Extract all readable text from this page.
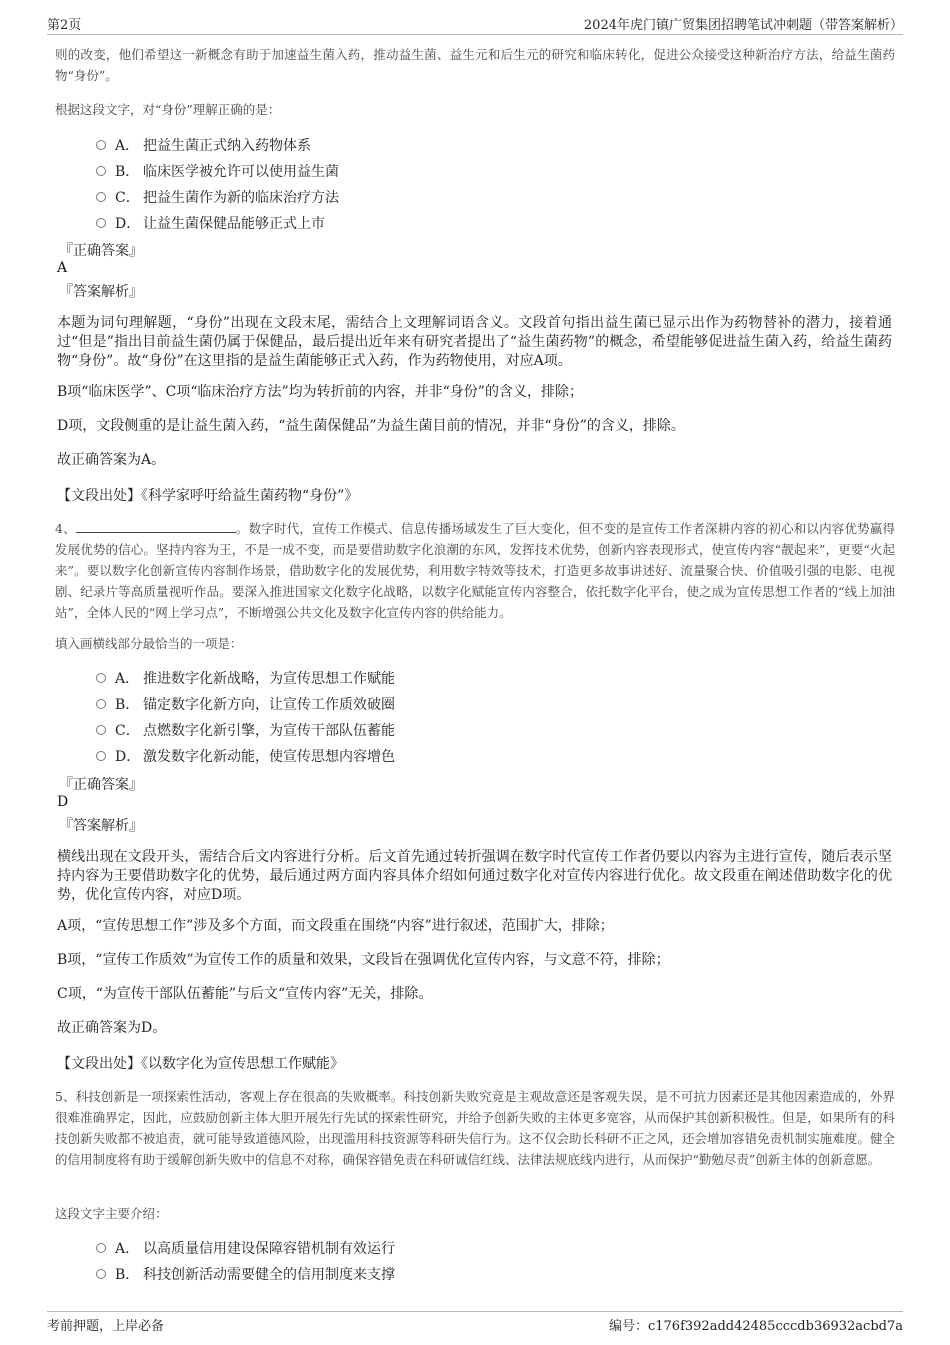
第2页	2024年虎门镇广贸集团招聘笔试冲刺题（带答案解析）
则的改变，他们希望这一新概念有助于加速益生菌入药，推动益生菌、益生元和后生元的研究和临床转化，促进公众接受这种新治疗方法，给益生菌药物“身份”。
根据这段文字，对“身份”理解正确的是：
A． 把益生菌正式纳入药物体系
B． 临床医学被允许可以使用益生菌
C． 把益生菌作为新的临床治疗方法
D． 让益生菌保健品能够正式上市
『正确答案』
A
『答案解析』
本题为词句理解题，“身份”出现在文段末尾，需结合上文理解词语含义。文段首句指出益生菌已显示出作为药物替补的潜力，接着通过“但是”指出目前益生菌仍属于保健品，最后提出近年来有研究者提出了“益生菌药物”的概念，希望能够促进益生菌入药，给益生菌药物“身份”。故“身份”在这里指的是益生菌能够正式入药，作为药物使用，对应A项。
B项“临床医学”、C项“临床治疗方法”均为转折前的内容，并非“身份”的含义，排除；
D项，文段侧重的是让益生菌入药，“益生菌保健品”为益生菌目前的情况，并非“身份”的含义，排除。
故正确答案为A。
【文段出处】《科学家呼吁给益生菌药物“身份”》
4、	。数字时代，宣传工作模式、信息传播场域发生了巨大变化，但不变的是宣传工作者深耕内容的初心和以内容优势赢得发展优势的信心。坚持内容为王，不是一成不变，而是要借助数字化浪潮的东风，发挥技术优势，创新内容表现形式，使宣传内容“靓起来”，更要“火起来”。要以数字化创新宣传内容制作场景，借助数字化的发展优势，利用数字特效等技术，打造更多故事讲述好、流量聚合快、价值吸引强的电影、电视剧、纪录片等高质量视听作品。要深入推进国家文化数字化战略，以数字化赋能宣传内容整合，依托数字化平台，使之成为宣传思想工作者的“线上加油站”，全体人民的“网上学习点”，不断增强公共文化及数字化宣传内容的供给能力。
填入画横线部分最恰当的一项是：
A． 推进数字化新战略，为宣传思想工作赋能
B． 锚定数字化新方向，让宣传工作质效破圈
C． 点燃数字化新引擎，为宣传干部队伍蓄能
D． 激发数字化新动能，使宣传思想内容增色
『正确答案』
D
『答案解析』
横线出现在文段开头，需结合后文内容进行分析。后文首先通过转折强调在数字时代宣传工作者仍要以内容为主进行宣传，随后表示坚持内容为王要借助数字化的优势，最后通过两方面内容具体介绍如何通过数字化对宣传内容进行优化。故文段重在阐述借助数字化的优势，优化宣传内容，对应D项。
A项，“宣传思想工作”涉及多个方面，而文段重在围绕“内容”进行叙述，范围扩大，排除；
B项，“宣传工作质效”为宣传工作的质量和效果，文段旨在强调优化宣传内容，与文意不符，排除；
C项，“为宣传干部队伍蓄能”与后文“宣传内容”无关，排除。
故正确答案为D。
【文段出处】《以数字化为宣传思想工作赋能》
5、科技创新是一项探索性活动，客观上存在很高的失败概率。科技创新失败究竟是主观故意还是客观失误，是不可抗力因素还是其他因素造成的，外界很难准确界定，因此，应鼓励创新主体大胆开展先行先试的探索性研究，并给予创新失败的主体更多宽容，从而保护其创新积极性。但是，如果所有的科技创新失败都不被追责，就可能导致道德风险，出现滥用科技资源等科研失信行为。这不仅会助长科研不正之风，还会增加容错免责机制实施难度。健全的信用制度将有助于缓解创新失败中的信息不对称，确保容错免责在科研诚信红线、法律法规底线内进行，从而保护“勤勉尽责”创新主体的创新意愿。
这段文字主要介绍：
A． 以高质量信用建设保障容错机制有效运行
B． 科技创新活动需要健全的信用制度来支撑
考前押题，上岸必备	编号：c176f392add42485cccdb36932acbd7a
